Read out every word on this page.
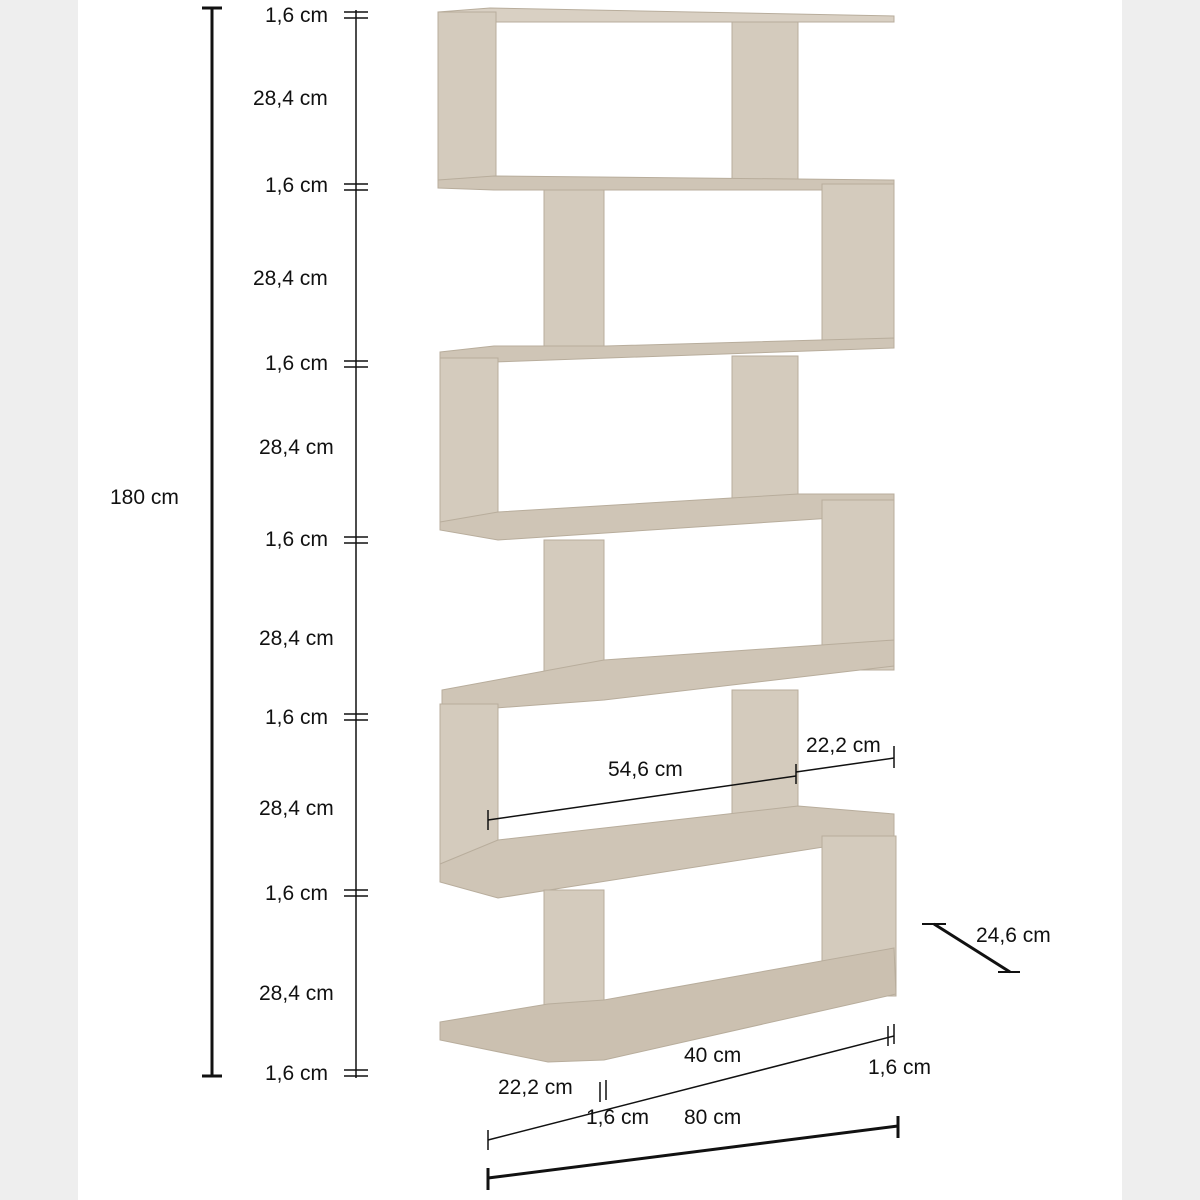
180 cm
1,6 cm
28,4 cm
1,6 cm
28,4 cm
1,6 cm
28,4 cm
1,6 cm
28,4 cm
1,6 cm
28,4 cm
1,6 cm
28,4 cm
1,6 cm
54,6 cm
22,2 cm
24,6 cm
22,2 cm
40 cm
1,6 cm
1,6 cm 80 cm
